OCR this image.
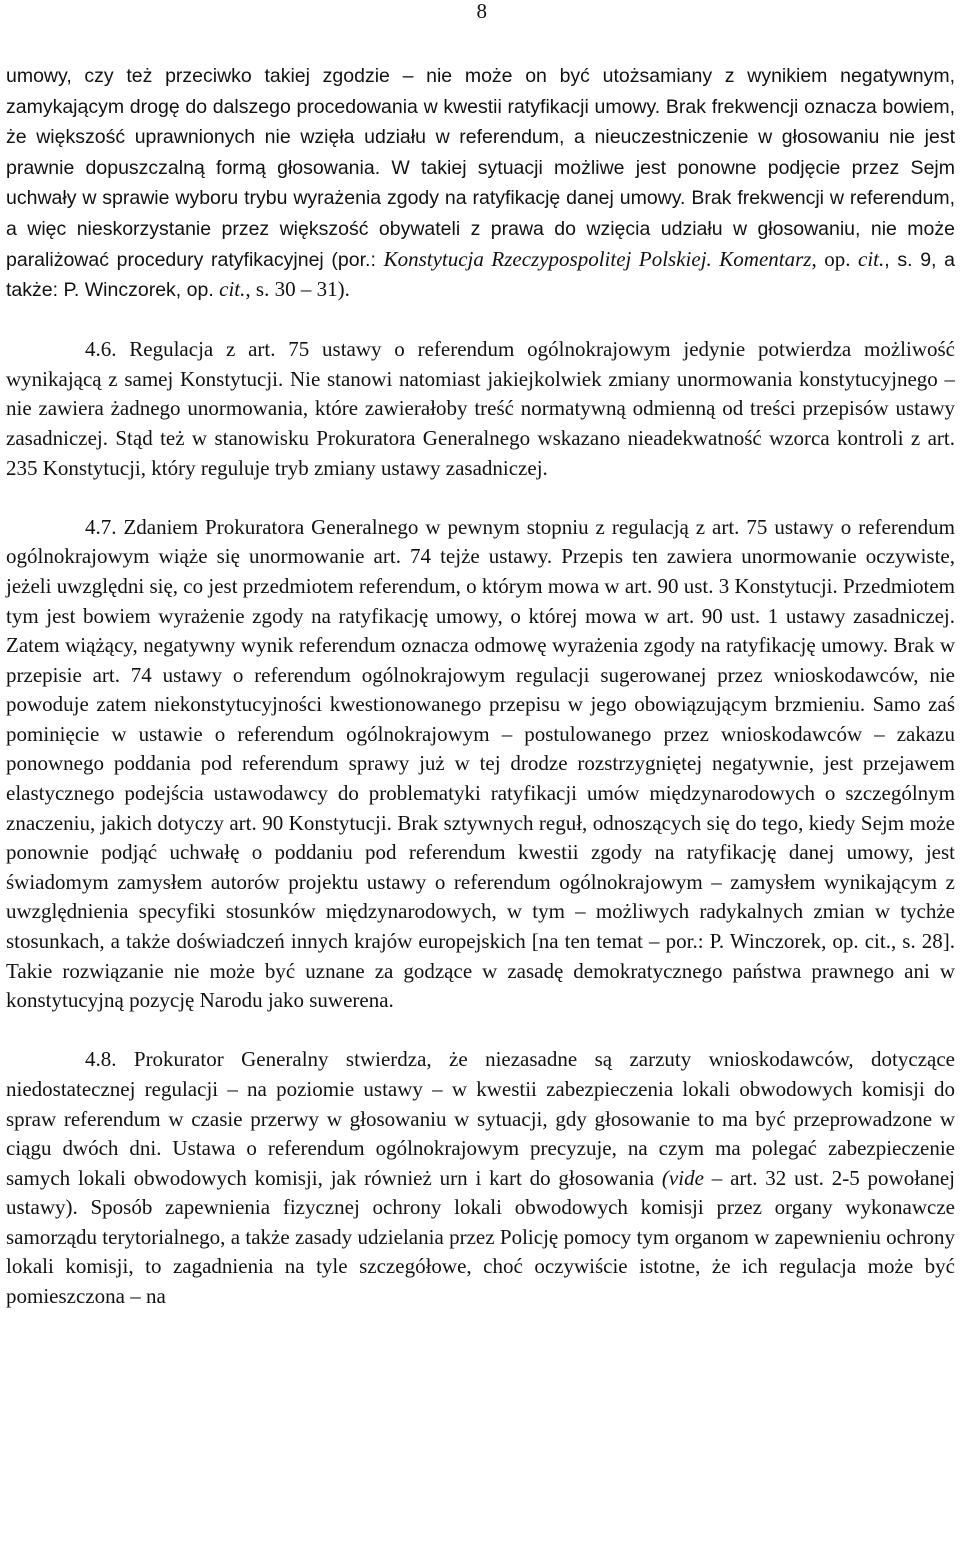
8

umowy, czy też przeciwko takiej zgodzie – nie może on być utożsamiany z wynikiem negatywnym, zamykającym drogę do dalszego procedowania w kwestii ratyfikacji umowy. Brak frekwencji oznacza bowiem, że większość uprawnionych nie wzięła udziału w referendum, a nieuczestniczenie w głosowaniu nie jest prawnie dopuszczalną formą głosowania. W takiej sytuacji możliwe jest ponowne podjęcie przez Sejm uchwały w sprawie wyboru trybu wyrażenia zgody na ratyfikację danej umowy. Brak frekwencji w referendum, a więc nieskorzystanie przez większość obywateli z prawa do wzięcia udziału w głosowaniu, nie może paraliżować procedury ratyfikacyjnej (por.: Konstytucja Rzeczypospolitej Polskiej. Komentarz, op. cit., s. 9, a także: P. Winczorek, op. cit., s. 30 – 31).

4.6. Regulacja z art. 75 ustawy o referendum ogólnokrajowym jedynie potwierdza możliwość wynikającą z samej Konstytucji. Nie stanowi natomiast jakiejkolwiek zmiany unormowania konstytucyjnego – nie zawiera żadnego unormowania, które zawierałoby treść normatywną odmienną od treści przepisów ustawy zasadniczej. Stąd też w stanowisku Prokuratora Generalnego wskazano nieadekwatność wzorca kontroli z art. 235 Konstytucji, który reguluje tryb zmiany ustawy zasadniczej.

4.7. Zdaniem Prokuratora Generalnego w pewnym stopniu z regulacją z art. 75 ustawy o referendum ogólnokrajowym wiąże się unormowanie art. 74 tejże ustawy. Przepis ten zawiera unormowanie oczywiste, jeżeli uwzględni się, co jest przedmiotem referendum, o którym mowa w art. 90 ust. 3 Konstytucji. Przedmiotem tym jest bowiem wyrażenie zgody na ratyfikację umowy, o której mowa w art. 90 ust. 1 ustawy zasadniczej. Zatem wiążący, negatywny wynik referendum oznacza odmowę wyrażenia zgody na ratyfikację umowy. Brak w przepisie art. 74 ustawy o referendum ogólnokrajowym regulacji sugerowanej przez wnioskodawców, nie powoduje zatem niekonstytucyjności kwestionowanego przepisu w jego obowiązującym brzmieniu. Samo zaś pominięcie w ustawie o referendum ogólnokrajowym – postulowanego przez wnioskodawców – zakazu ponownego poddania pod referendum sprawy już w tej drodze rozstrzygniętej negatywnie, jest przejawem elastycznego podejścia ustawodawcy do problematyki ratyfikacji umów międzynarodowych o szczególnym znaczeniu, jakich dotyczy art. 90 Konstytucji. Brak sztywnych reguł, odnoszących się do tego, kiedy Sejm może ponownie podjąć uchwałę o poddaniu pod referendum kwestii zgody na ratyfikację danej umowy, jest świadomym zamysłem autorów projektu ustawy o referendum ogólnokrajowym – zamysłem wynikającym z uwzględnienia specyfiki stosunków międzynarodowych, w tym – możliwych radykalnych zmian w tychże stosunkach, a także doświadczeń innych krajów europejskich [na ten temat – por.: P. Winczorek, op. cit., s. 28]. Takie rozwiązanie nie może być uznane za godzące w zasadę demokratycznego państwa prawnego ani w konstytucyjną pozycję Narodu jako suwerena.

4.8. Prokurator Generalny stwierdza, że niezasadne są zarzuty wnioskodawców, dotyczące niedostatecznej regulacji – na poziomie ustawy – w kwestii zabezpieczenia lokali obwodowych komisji do spraw referendum w czasie przerwy w głosowaniu w sytuacji, gdy głosowanie to ma być przeprowadzone w ciągu dwóch dni. Ustawa o referendum ogólnokrajowym precyzuje, na czym ma polegać zabezpieczenie samych lokali obwodowych komisji, jak również urn i kart do głosowania (vide – art. 32 ust. 2-5 powołanej ustawy). Sposób zapewnienia fizycznej ochrony lokali obwodowych komisji przez organy wykonawcze samorządu terytorialnego, a także zasady udzielania przez Policję pomocy tym organom w zapewnieniu ochrony lokali komisji, to zagadnienia na tyle szczegółowe, choć oczywiście istotne, że ich regulacja może być pomieszczona – na
